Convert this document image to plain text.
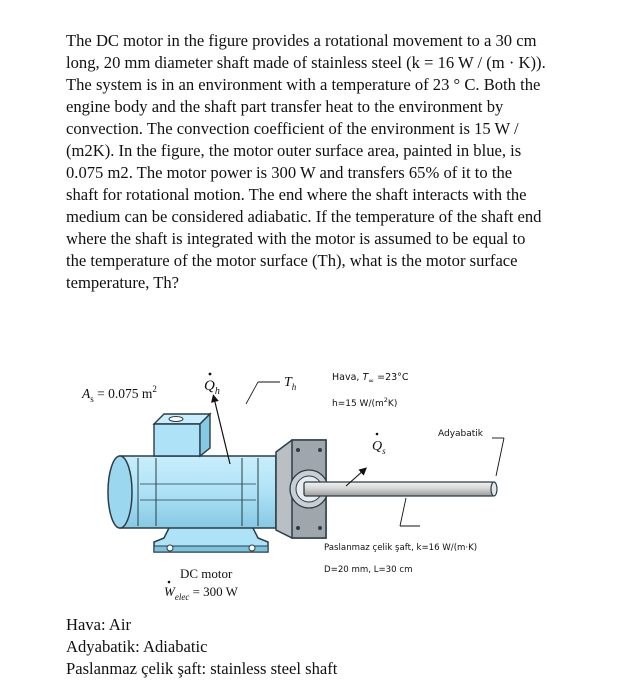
The DC motor in the figure provides a rotational movement to a 30 cm long, 20 mm diameter shaft made of stainless steel (k = 16 W / (m · K)). The system is in an environment with a temperature of 23 ° C. Both the engine body and the shaft part transfer heat to the environment by convection. The convection coefficient of the environment is 15 W / (m2K). In the figure, the motor outer surface area, painted in blue, is 0.075 m2. The motor power is 300 W and transfers 65% of it to the shaft for rotational motion. The end where the shaft interacts with the medium can be considered adiabatic. If the temperature of the shaft end where the shaft is integrated with the motor is assumed to be equal to the temperature of the motor surface (Th), what is the motor surface temperature, Th?

$Q_h$
$T_h$
$A_s = 0.075$ $m^2$
Hava, $T_\infty =23^\circ C$
h=15 $W/(m^2K)$
Adyabatik
$Q_s$
Paslanmaz çelik şaft, k=16 W/(m·K)
D=20 mm, L=30 cm
DC motor
$W_{elec} = 300$ W
Hava: Air
Adyabatik: Adiabatic
Paslanmaz çelik şaft: stainless steel shaft
